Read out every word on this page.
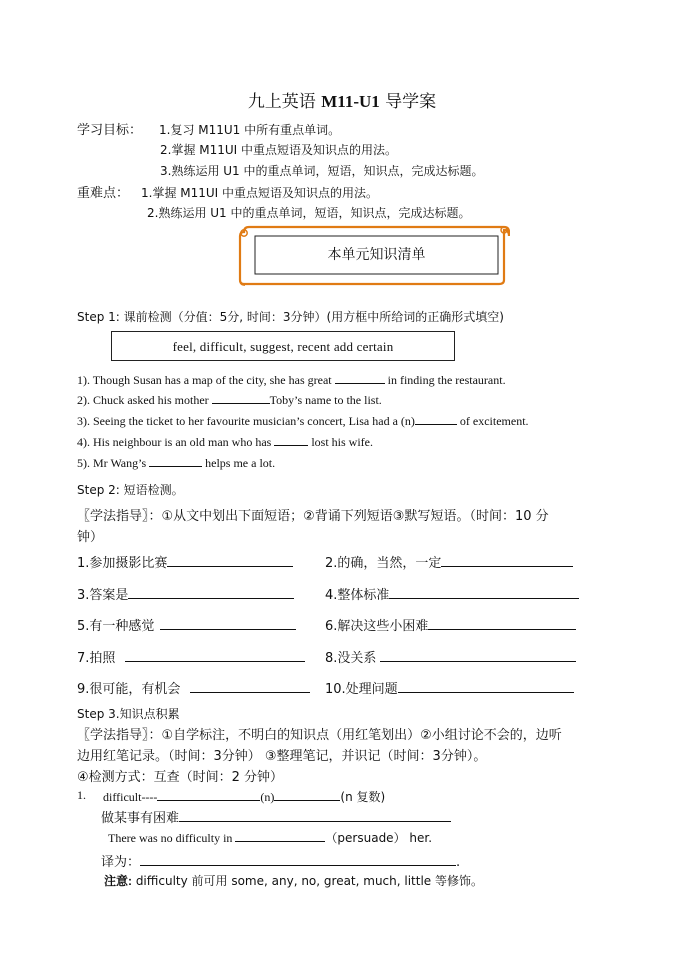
九上英语 M11-U1 导学案
学习目标： 1.复习 M11U1 中所有重点单词。
2.掌握 M11UI 中重点短语及知识点的用法。
3.熟练运用 U1 中的重点单词，短语，知识点，完成达标题。
重难点： 1.掌握 M11UI 中重点短语及知识点的用法。
2.熟练运用 U1 中的重点单词，短语，知识点，完成达标题。
本单元知识清单
Step 1: 课前检测（分值：5分, 时间：3分钟）(用方框中所给词的正确形式填空)
feel, difficult, suggest, recent add certain
1). Though Susan has a map of the city, she has great	in finding the restaurant.
2). Chuck asked his mother	Toby’s name to the list.
3). Seeing the ticket to her favourite musician’s concert, Lisa had a (n)	of excitement.
4). His neighbour is an old man who has	lost his wife.
5). Mr Wang’s	helps me a lot.
Step 2: 短语检测。
〖学法指导〗：①从文中划出下面短语；②背诵下列短语③默写短语。（时间：10 分
钟）
1.参加摄影比赛	2.的确，当然，一定
3.答案是	4.整体标准
5.有一种感觉	6.解决这些小困难
7.拍照	8.没关系
9.很可能，有机会	10.处理问题
Step 3.知识点积累
〖学法指导〗：①自学标注，不明白的知识点（用红笔划出）②小组讨论不会的，边听
边用红笔记录。（时间：3分钟） ③整理笔记，并识记（时间：3分钟）。
④检测方式：互查（时间：2 分钟）
1. difficult----	(n)	(n 复数)
做某事有困难
There was no difficulty in	（persuade） her.
译为：	.
注意: difficulty 前可用 some, any, no, great, much, little 等修饰。
